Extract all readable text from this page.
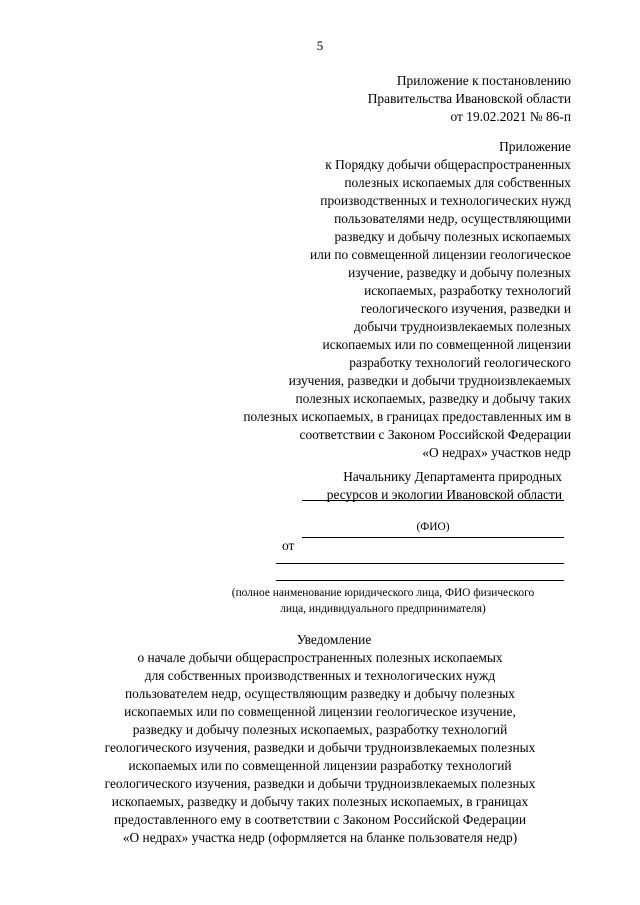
5
Приложение к постановлению
Правительства Ивановской области
от 19.02.2021 № 86-п
Приложение
к Порядку добычи общераспространенных
полезных ископаемых для собственных
производственных и технологических нужд
пользователями недр, осуществляющими
разведку и добычу полезных ископаемых
или по совмещенной лицензии геологическое
изучение, разведку и добычу полезных
ископаемых, разработку технологий
геологического изучения, разведки и
добычи трудноизвлекаемых полезных
ископаемых или по совмещенной лицензии
разработку технологий геологического
изучения, разведки и добычи трудноизвлекаемых
полезных ископаемых, разведку и добычу таких
полезных ископаемых, в границах предоставленных им в
соответствии с Законом Российской Федерации
«О недрах» участков недр
Начальнику Департамента природных
ресурсов и экологии Ивановской области
(ФИО)
от
(полное наименование юридического лица, ФИО физического
лица, индивидуального предпринимателя)
Уведомление
о начале добычи общераспространенных полезных ископаемых
для собственных производственных и технологических нужд
пользователем недр, осуществляющим разведку и добычу полезных
ископаемых или по совмещенной лицензии геологическое изучение,
разведку и добычу полезных ископаемых, разработку технологий
геологического изучения, разведки и добычи трудноизвлекаемых полезных
ископаемых или по совмещенной лицензии разработку технологий
геологического изучения, разведки и добычи трудноизвлекаемых полезных
ископаемых, разведку и добычу таких полезных ископаемых, в границах
предоставленного ему в соответствии с Законом Российской Федерации
«О недрах» участка недр (оформляется на бланке пользователя недр)
